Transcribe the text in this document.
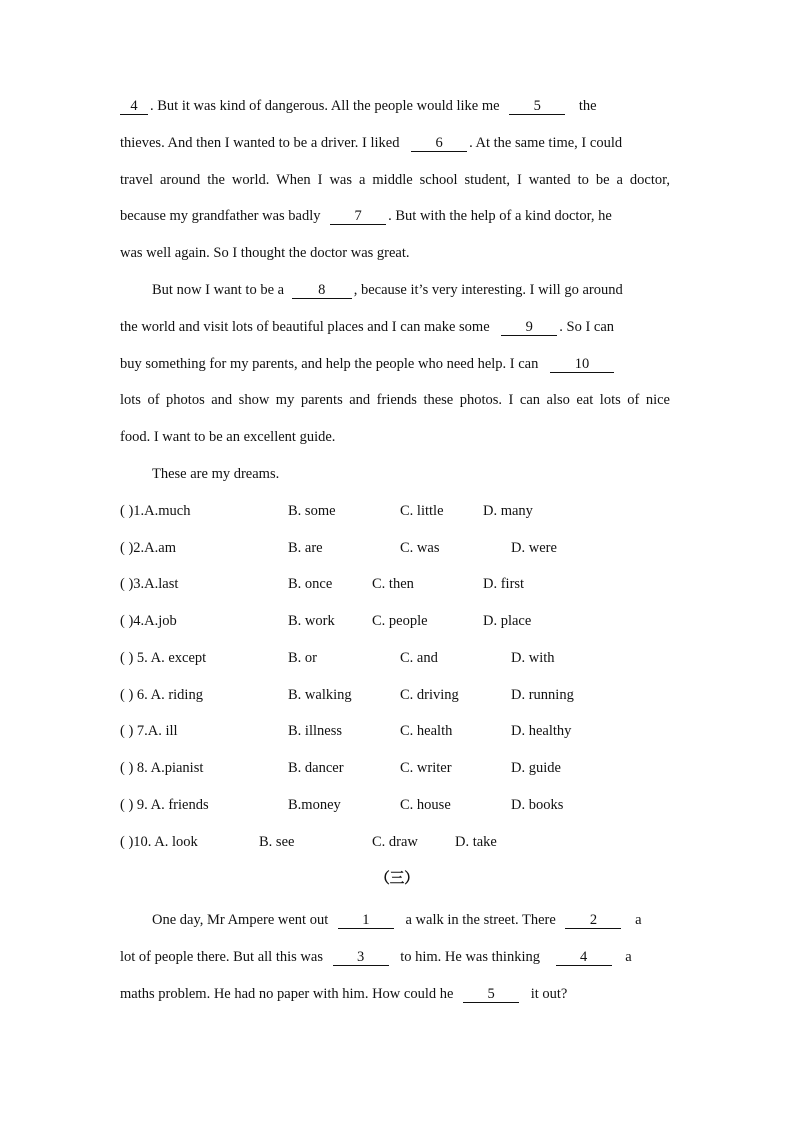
4 . But it was kind of dangerous. All the people would like me 5	the
thieves. And then I wanted to be a driver. I liked 6 . At the same time, I could
travel around the world. When I was a middle school student, I wanted to be a doctor,
because my grandfather was badly 7 . But with the help of a kind doctor, he
was well again. So I thought the doctor was great.
But now I want to be a 8 , because it’s very interesting. I will go around
the world and visit lots of beautiful places and I can make some 9 . So I can
buy something for my parents, and help the people who need help. I can	10
lots of photos and show my parents and friends these photos. I can also eat lots of nice
food. I want to be an excellent guide.
These are my dreams.
( )1.A.much	B. some	C. little	D. many
( )2.A.am	B. are	C. was	D. were
( )3.A.last	B. once	C. then	D. first
( )4.A.job	B. work	C. people	D. place
( ) 5. A. except	B. or	C. and	D. with
( ) 6. A. riding	B. walking	C. driving	D. running
( ) 7.A. ill	B. illness	C. health	D. healthy
( ) 8. A.pianist	B. dancer	C. writer	D. guide
( ) 9. A. friends	B.money	C. house	D. books
( )10. A. look	B. see	C. draw	D. take
（三）
One day, Mr Ampere went out 1 a walk in the street. There 2	a
lot of people there. But all this was 3 to him. He was thinking	4	a
maths problem. He had no paper with him. How could he 5 it out?
